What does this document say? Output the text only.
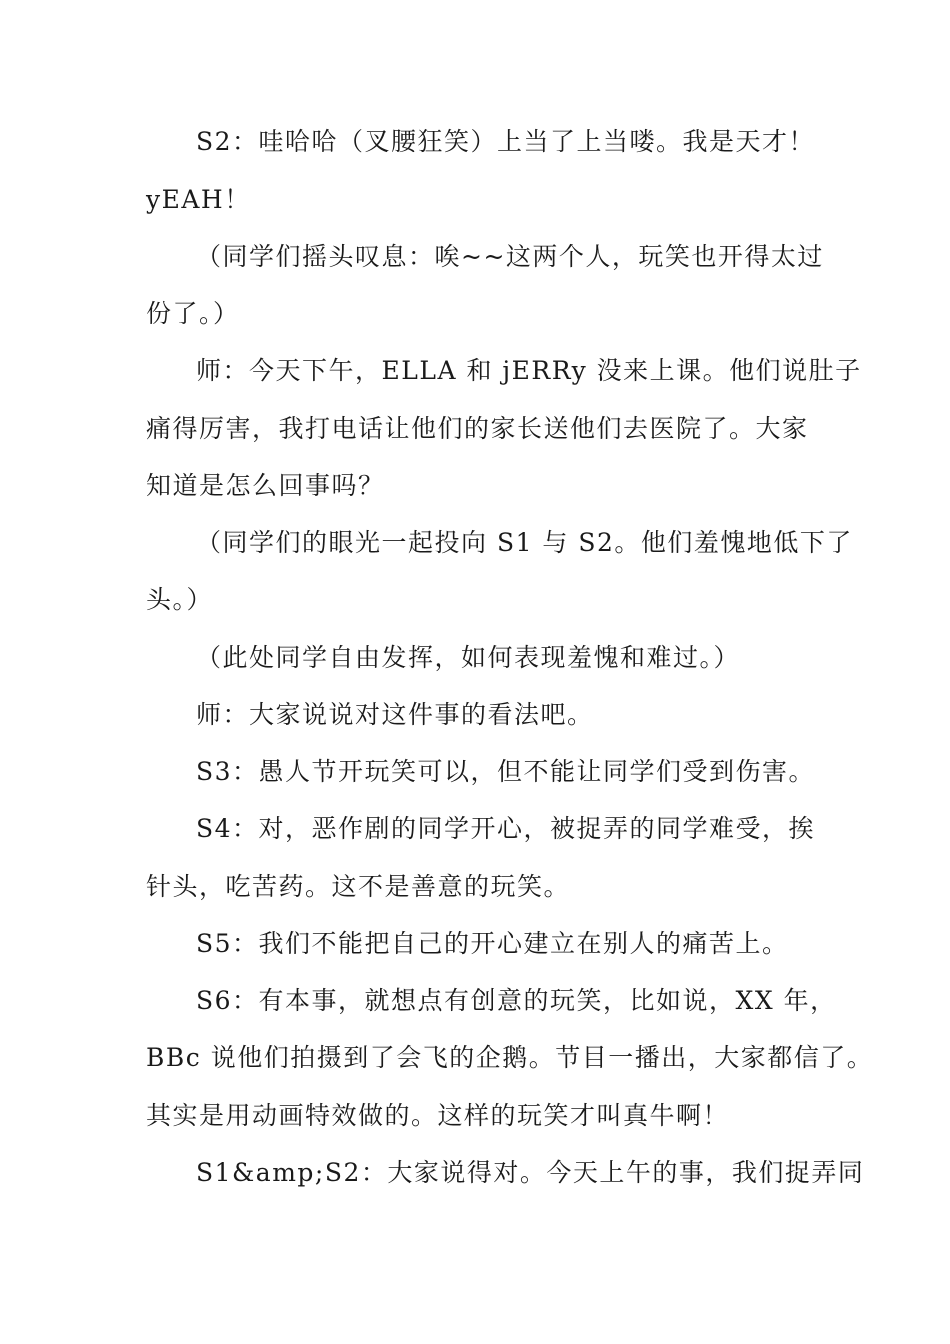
S2：哇哈哈（叉腰狂笑）上当了上当喽。我是天才！
yEAH！
（同学们摇头叹息：唉~~这两个人，玩笑也开得太过
份了。）
师：今天下午，ELLA 和 jERRy 没来上课。他们说肚子
痛得厉害，我打电话让他们的家长送他们去医院了。大家
知道是怎么回事吗？
（同学们的眼光一起投向 S1 与 S2。他们羞愧地低下了
头。）
（此处同学自由发挥，如何表现羞愧和难过。）
师：大家说说对这件事的看法吧。
S3：愚人节开玩笑可以，但不能让同学们受到伤害。
S4：对，恶作剧的同学开心，被捉弄的同学难受，挨
针头，吃苦药。这不是善意的玩笑。
S5：我们不能把自己的开心建立在别人的痛苦上。
S6：有本事，就想点有创意的玩笑，比如说，XX 年，
BBc 说他们拍摄到了会飞的企鹅。节目一播出，大家都信了。
其实是用动画特效做的。这样的玩笑才叫真牛啊！
S1&amp;S2：大家说得对。今天上午的事，我们捉弄同
